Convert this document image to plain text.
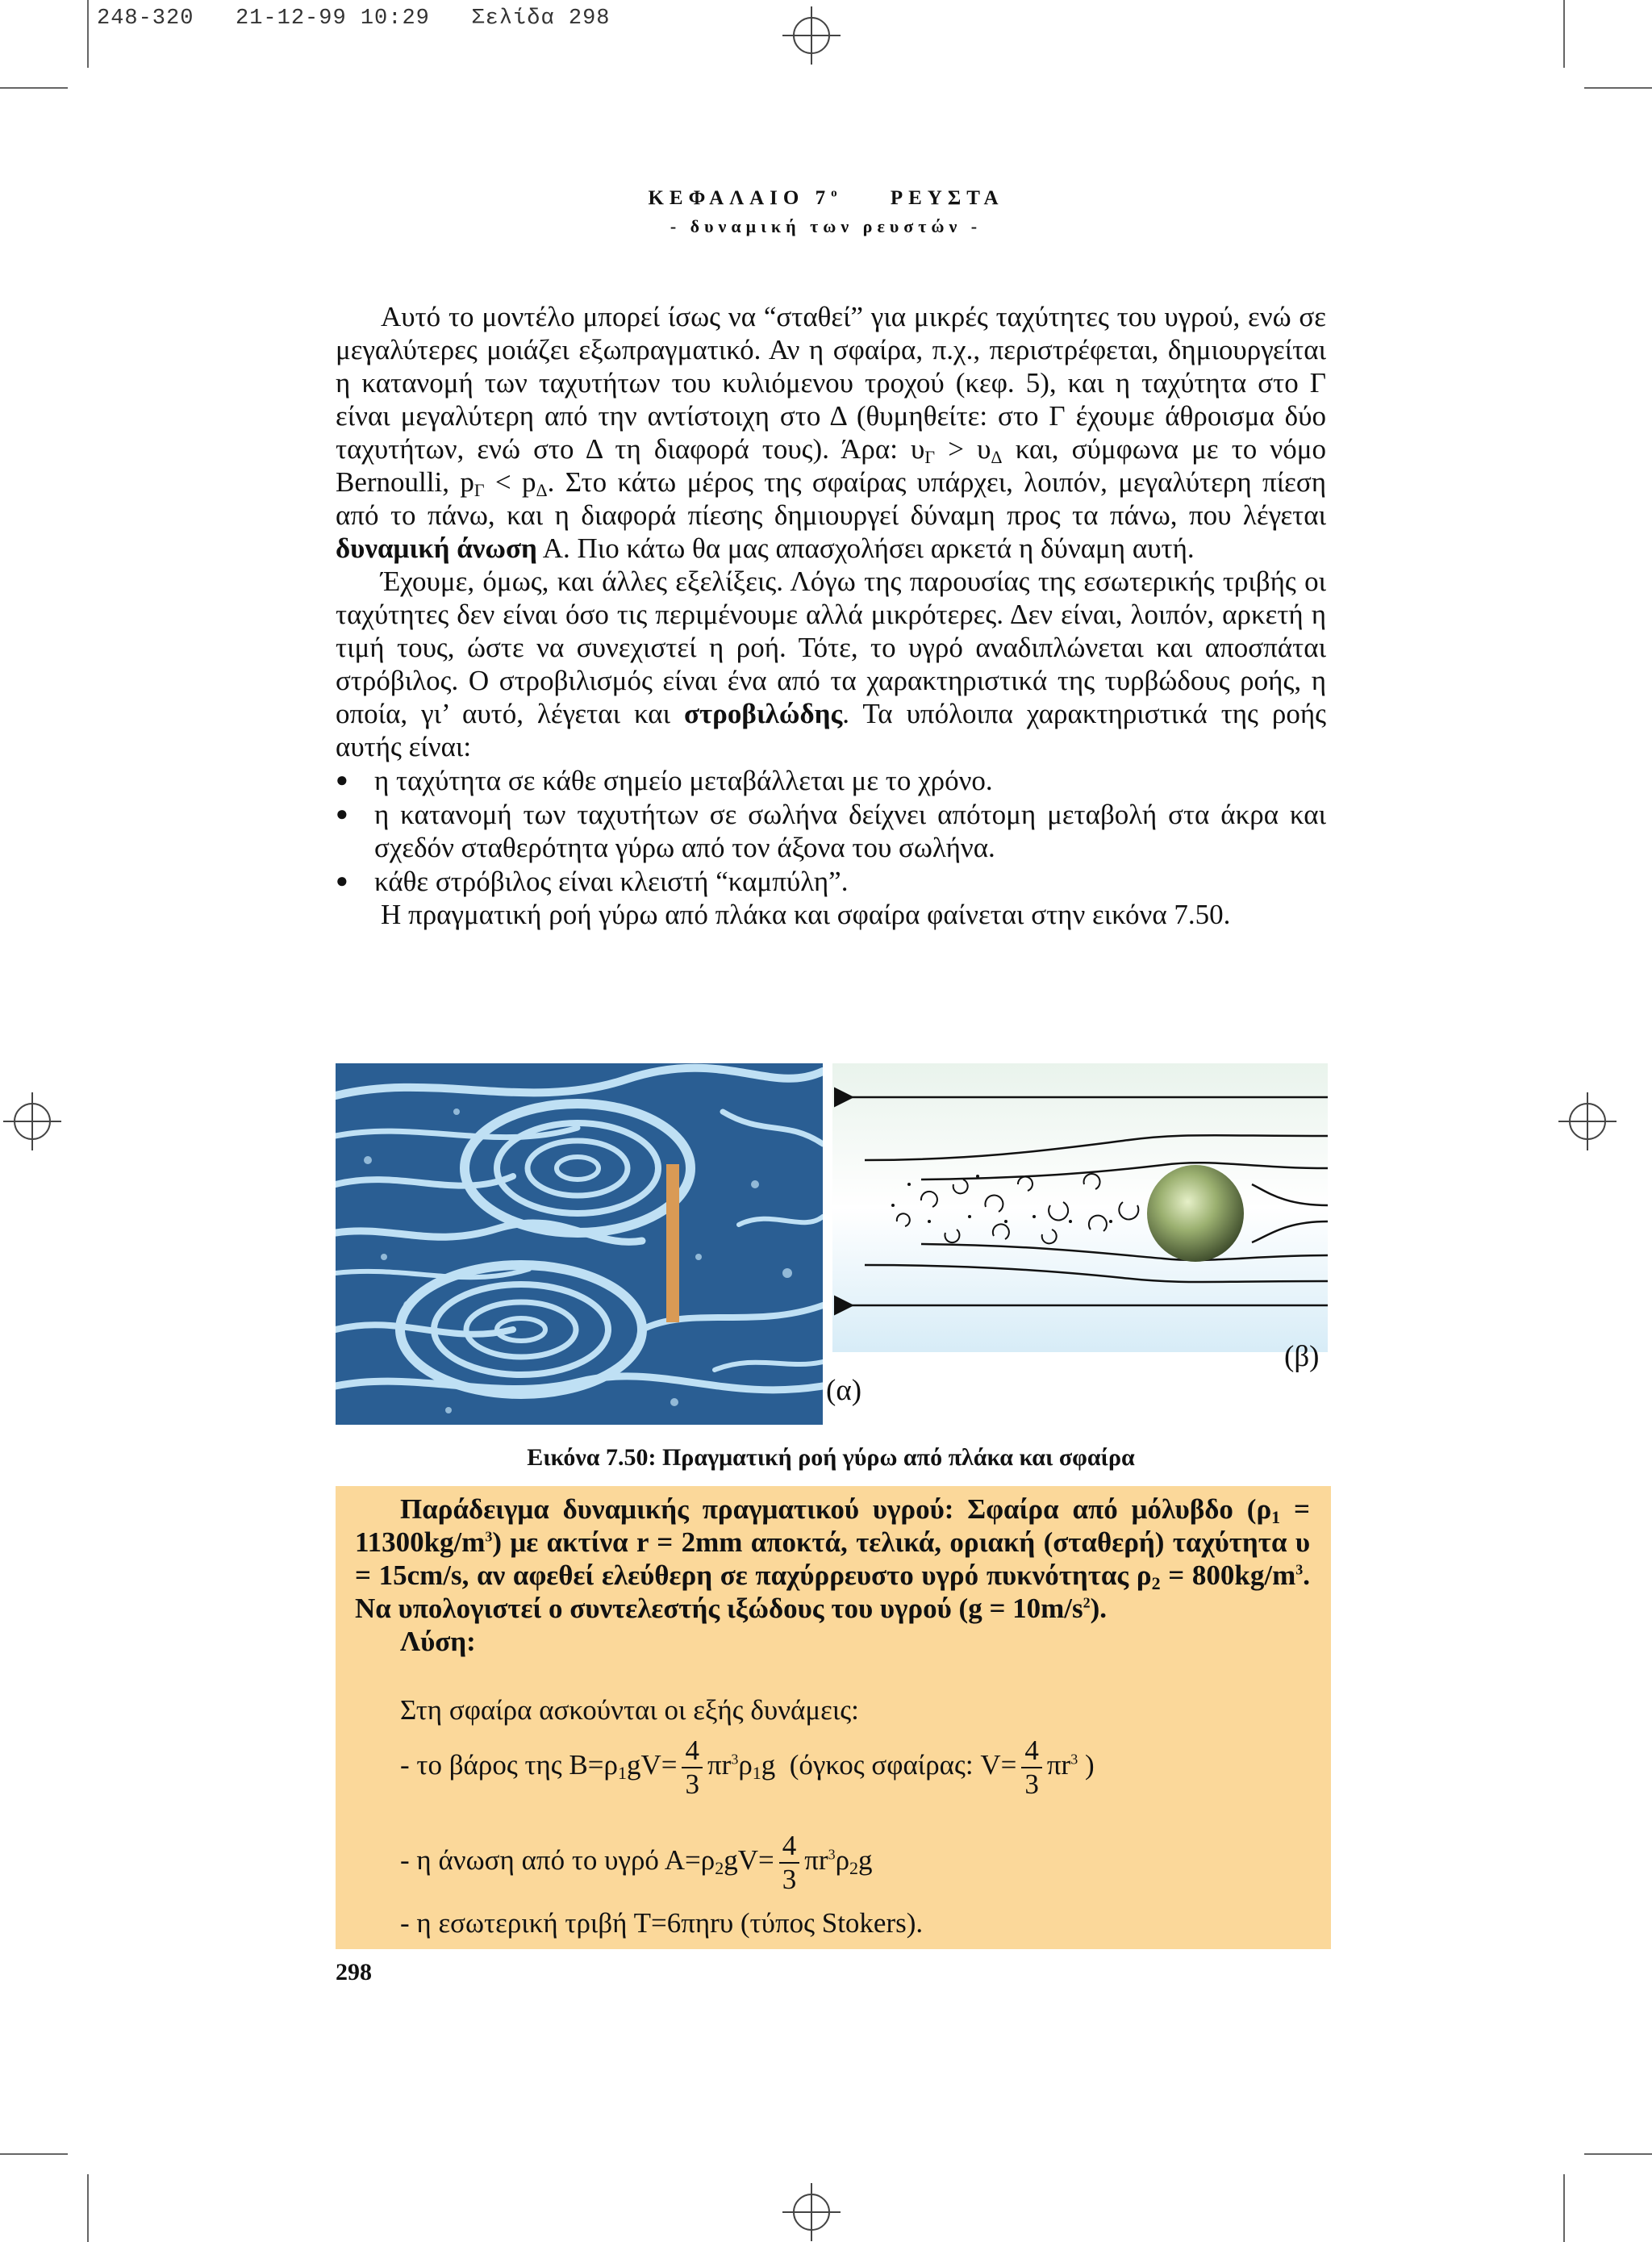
248-320   21-12-99 10:29   Σελίδα 298
ΚΕΦΑΛΑΙΟ $7^o$	ΡΕΥΣΤΑ
- δυναμική των ρευστών -

Αυτό το μοντέλο μπορεί ίσως να “σταθεί” για μικρές ταχύτητες του υγρού, ενώ σε μεγαλύτερες μοιάζει εξωπραγματικό. Αν η σφαίρα, π.χ., περιστρέφεται, δημιουργείται η κατανομή των ταχυτήτων του κυλιόμενου τροχού (κεφ. 5), και η ταχύτητα στο Γ είναι μεγαλύτερη από την αντίστοιχη στο Δ (θυμηθείτε: στο Γ έχουμε άθροισμα δύο ταχυτήτων, ενώ στο Δ τη διαφορά τους). Άρα: $\upsilon_\Gamma > \upsilon_\Delta$ και, σύμφωνα με το νόμο Bernoulli, $p_\Gamma < p_\Delta$. Στο κάτω μέρος της σφαίρας υπάρχει, λοιπόν, μεγαλύτερη πίεση από το πάνω, και η διαφορά πίεσης δημιουργεί δύναμη προς τα πάνω, που λέγεται δυναμική άνωση Α. Πιο κάτω θα μας απασχολήσει αρκετά η δύναμη αυτή.

Έχουμε, όμως, και άλλες εξελίξεις. Λόγω της παρουσίας της εσωτερικής τριβής οι ταχύτητες δεν είναι όσο τις περιμένουμε αλλά μικρότερες. Δεν είναι, λοιπόν, αρκετή η τιμή τους, ώστε να συνεχιστεί η ροή. Τότε, το υγρό αναδιπλώνεται και αποσπάται στρόβιλος. Ο στροβιλισμός είναι ένα από τα χαρακτηριστικά της τυρβώδους ροής, η οποία, γι’ αυτό, λέγεται και στροβιλώδης. Τα υπόλοιπα χαρακτηριστικά της ροής αυτής είναι:

● η ταχύτητα σε κάθε σημείο μεταβάλλεται με το χρόνο.

● η κατανομή των ταχυτήτων σε σωλήνα δείχνει απότομη μεταβολή στα άκρα και σχεδόν σταθερότητα γύρω από τον άξονα του σωλήνα.

● κάθε στρόβιλος είναι κλειστή “καμπύλη”.

Η πραγματική ροή γύρω από πλάκα και σφαίρα φαίνεται στην εικόνα 7.50.

(α)
(β)
Εικόνα 7.50: Πραγματική ροή γύρω από πλάκα και σφαίρα

Παράδειγμα δυναμικής πραγματικού υγρού: Σφαίρα από μόλυβδο $(\rho_1 = 11300kg/m^3)$ με ακτίνα r = 2mm αποκτά, τελικά, οριακή (σταθερή) ταχύτητα υ = 15cm/s, αν αφεθεί ελεύθερη σε παχύρρευστο υγρό πυκνότητας $\rho_2 = 800kg/m^3$. Να υπολογιστεί ο συντελεστής ιξώδους του υγρού $(g = 10m/s^2)$.

Λύση:

Στη σφαίρα ασκούνται οι εξής δυνάμεις:
- το βάρος της $B=\rho_1gV= \frac{4}{3} \pi r^3\rho_1g$ (όγκος σφαίρας: $V= \frac{4}{3} \pi r^3$ )
- η άνωση από το υγρό $A=\rho_2gV= \frac{4}{3} \pi r^3\rho_2g$
- η εσωτερική τριβή Τ=6πηrυ (τύπος Stokers).
298
